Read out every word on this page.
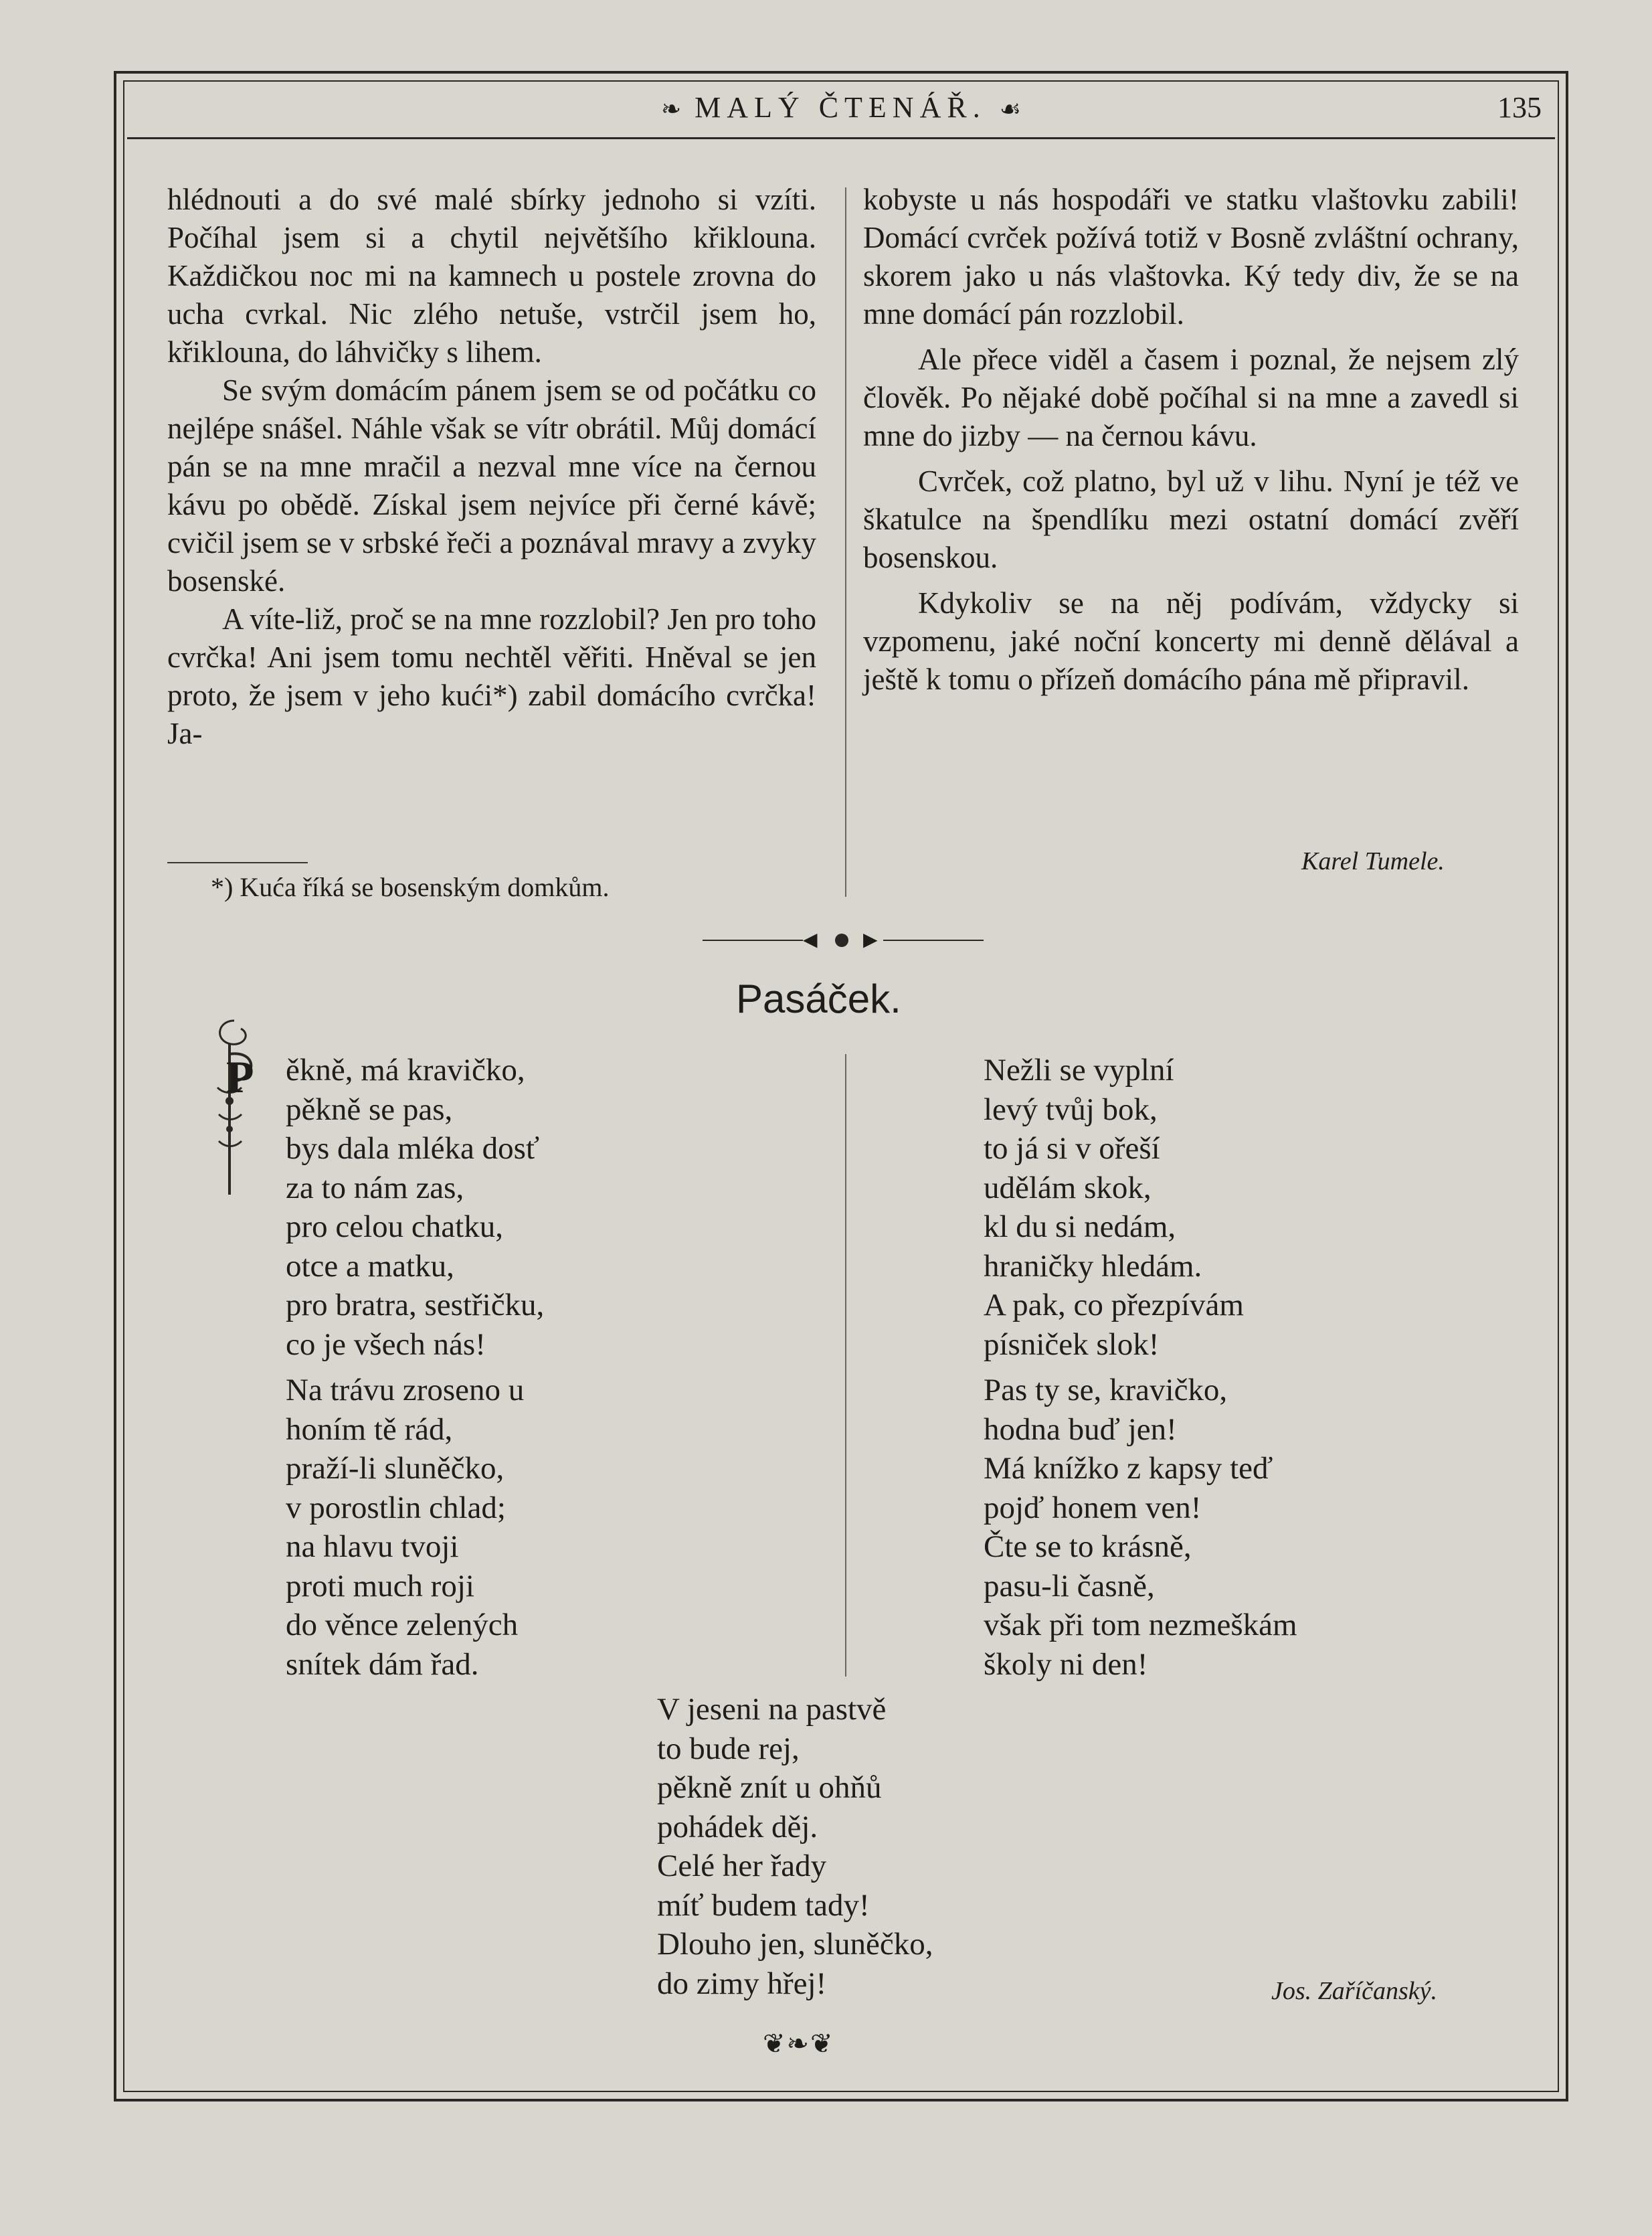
❧ MALÝ ČTENÁŘ. ☙	135

hlédnouti a do své malé sbírky jednoho si vzíti. Počíhal jsem si a chytil největšího křiklouna. Každičkou noc mi na kamnech u postele zrovna do ucha cvrkal. Nic zlého netuše, vstrčil jsem ho, křiklouna, do láhvičky s lihem.

Se svým domácím pánem jsem se od počátku co nejlépe snášel. Náhle však se vítr obrátil. Můj domácí pán se na mne mračil a nezval mne více na černou kávu po obědě. Získal jsem nejvíce při černé kávě; cvičil jsem se v srbské řeči a poznával mravy a zvyky bosenské.

A víte-liž, proč se na mne rozzlobil? Jen pro toho cvrčka! Ani jsem tomu nechtěl věřiti. Hněval se jen proto, že jsem v jeho kući*) zabil domácího cvrčka! Ja-

kobyste u nás hospodáři ve statku vlaštovku zabili! Domácí cvrček požívá totiž v Bosně zvláštní ochrany, skorem jako u nás vlaštovka. Ký tedy div, že se na mne domácí pán rozzlobil.

Ale přece viděl a časem i poznal, že nejsem zlý člověk. Po nějaké době počíhal si na mne a zavedl si mne do jizby — na černou kávu.

Cvrček, což platno, byl už v lihu. Nyní je též ve škatulce na špendlíku mezi ostatní domácí zvěří bosenskou.

Kdykoliv se na něj podívám, vždycky si vzpomenu, jaké noční koncerty mi denně dělával a ještě k tomu o přízeň domácího pána mě připravil.

*) Kuća říká se bosenským domkům.
Karel Tumele.
◀ ▶
Pasáček.
P ěkně, má kravičko,
pěkně se pas,
bys dala mléka dosť
za to nám zas,
pro celou chatku,
otce a matku,
pro bratra, sestřičku,
co je všech nás!
Na trávu zroseno u
honím tě rád,
praží-li sluněčko,
v porostlin chlad;
na hlavu tvoji
proti much roji
do věnce zelených
snítek dám řad.
Nežli se vyplní
levý tvůj bok,
to já si v ořeší
udělám skok,
kl du si nedám,
hraničky hledám.
A pak, co přezpívám
písniček slok!
Pas ty se, kravičko,
hodna buď jen!
Má knížko z kapsy teď
pojď honem ven!
Čte se to krásně,
pasu-li časně,
však při tom nezmeškám
školy ni den!
V jeseni na pastvě
to bude rej,
pěkně znít u ohňů
pohádek děj.
Celé her řady
míť budem tady!
Dlouho jen, sluněčko,
do zimy hřej!	Jos. Zaříčanský.
❦❧❦
